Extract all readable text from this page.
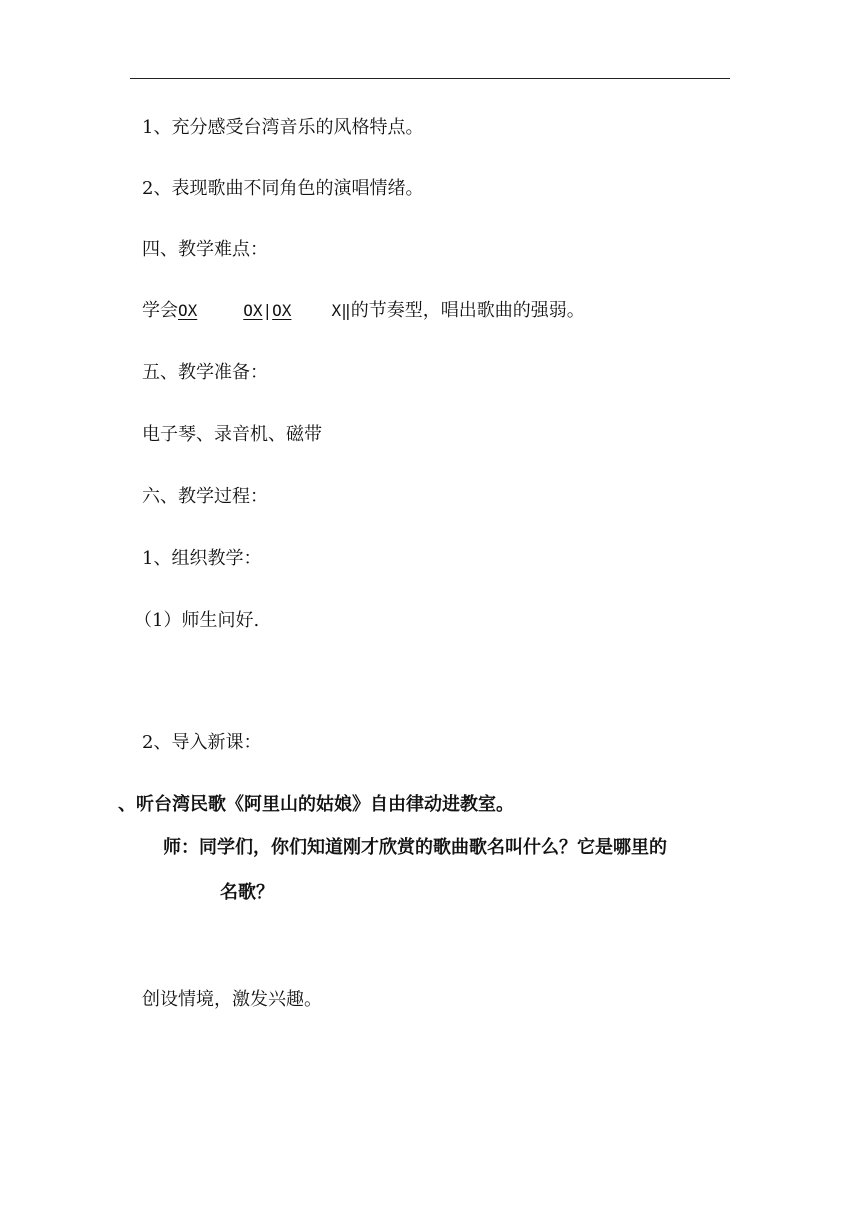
1、充分感受台湾音乐的风格特点。
2、表现歌曲不同角色的演唱情绪。
四、教学难点：
学会OX	OX|OX	X‖的节奏型，唱出歌曲的强弱。
五、教学准备：
电子琴、录音机、磁带
六、教学过程：
1、组织教学：
（1）师生问好.
2、导入新课：
、听台湾民歌《阿里山的姑娘》自由律动进教室。
师：同学们，你们知道刚才欣赏的歌曲歌名叫什么？它是哪里的
名歌？
创设情境，激发兴趣。
